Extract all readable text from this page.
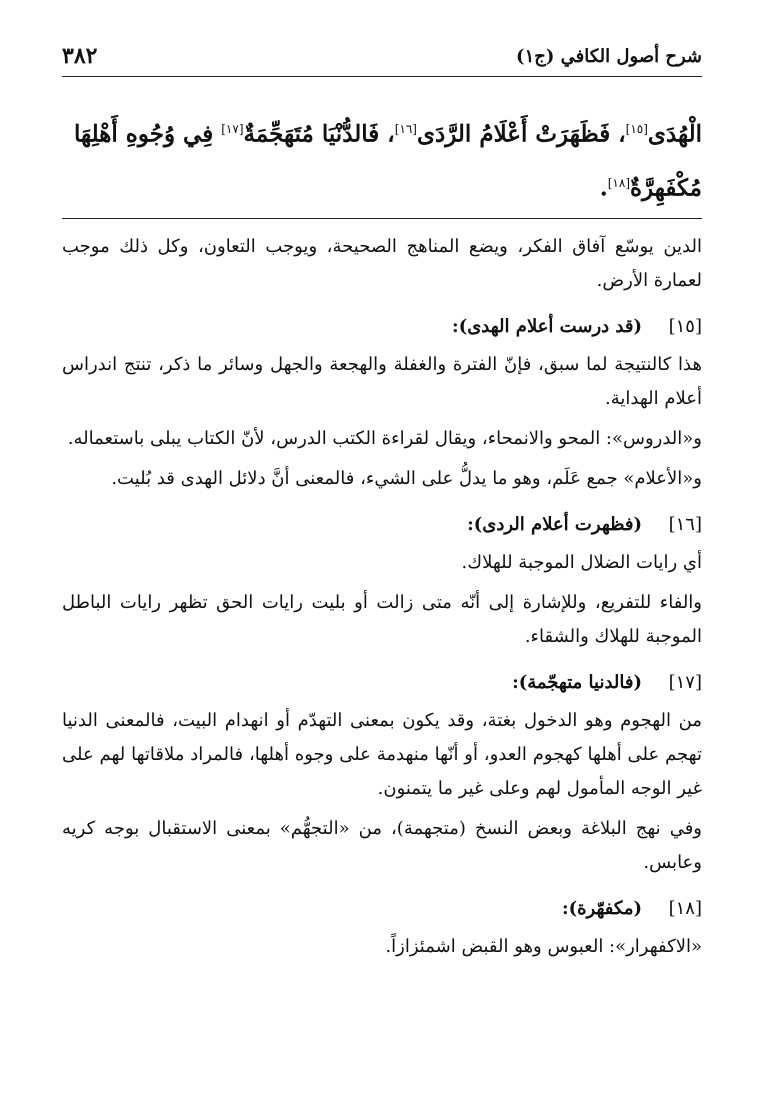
٣٨٢	شرح أصول الكافي (ج١)
الْهُدَى[١٥]، فَظَهَرَتْ أَعْلَامُ الرَّدَى[١٦]، فَالدُّنْيَا مُتَهَجِّمَةٌ[١٧] فِي وُجُوهِ أَهْلِهَا مُكْفَهِرَّةٌ[١٨].

الدين يوسّع آفاق الفكر، ويضع المناهج الصحيحة، ويوجب التعاون، وكل ذلك موجب لعمارة الأرض.

[١٥]
(قد درست أعلام الهدى):

هذا كالنتيجة لما سبق، فإنّ الفترة والغفلة والهجعة والجهل وسائر ما ذكر، تنتج اندراس أعلام الهداية.

و«الدروس»: المحو والانمحاء، ويقال لقراءة الكتب الدرس، لأنّ الكتاب يبلى باستعماله.

و«الأعلام» جمع عَلَم، وهو ما يدلُّ على الشيء، فالمعنى أنَّ دلائل الهدى قد بُليت.

[١٦]
(فظهرت أعلام الردى):

أي رايات الضلال الموجبة للهلاك.

والفاء للتفريع، وللإشارة إلى أنّه متى زالت أو بليت رايات الحق تظهر رايات الباطل الموجبة للهلاك والشقاء.

[١٧]
(فالدنيا متهجّمة):

من الهجوم وهو الدخول بغتة، وقد يكون بمعنى التهدّم أو انهدام البيت، فالمعنى الدنيا تهجم على أهلها كهجوم العدو، أو أنّها منهدمة على وجوه أهلها، فالمراد ملاقاتها لهم على غير الوجه المأمول لهم وعلى غير ما يتمنون.

وفي نهج البلاغة وبعض النسخ (متجهمة)، من «التجهُّم» بمعنى الاستقبال بوجه كريه وعابس.

[١٨]
(مكفهّرة):

«الاكفهرار»: العبوس وهو القبض اشمئزازاً.
